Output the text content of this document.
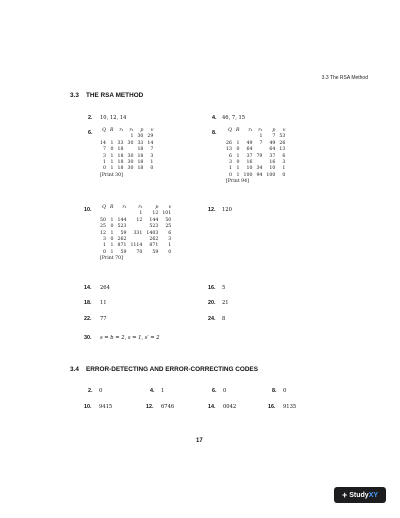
3.3 The RSA Method
3.3 THE RSA METHOD
2. 10, 12, 14	4. 46, 7, 15
6. Q	R	r₁	r₂	p	v
			1	30	29
14	1	33	30	33	14
7	0	18		18	7
3	1	18	30	18	3
1	1	18	30	18	1
0	1	18	30	18	0
[Print 30]					
8. Q	R	r₁	r₂	p	v
			1	7	53
26	1	49	7	49	26
13	0	64		64	13
6	1	37	79	37	6
3	0	16		16	3
1	1	10	34	10	1
0	1	100	94	100	0
[Print 94]					
10. Q	R	r₁	r₂	p	v
			1	12	101
50	1	144	12	144	50
25	0	523		523	25
12	1	59	331	1403	6
3	0	262		262	3
1	1	871	1114	871	1
0	1	59	70	59	0
[Print 70]					
12. 120
14. 264	16. 5
18. 11	20. 21
22. 77	24. 8
30. s = b = 2, s = 1, s′ = 2
3.4 ERROR-DETECTING AND ERROR-CORRECTING CODES
2. 0	4. 1	6. 0	8. 0
10. 9415	12. 6746	14. 0042	16. 9135
17
+ StudyXY
